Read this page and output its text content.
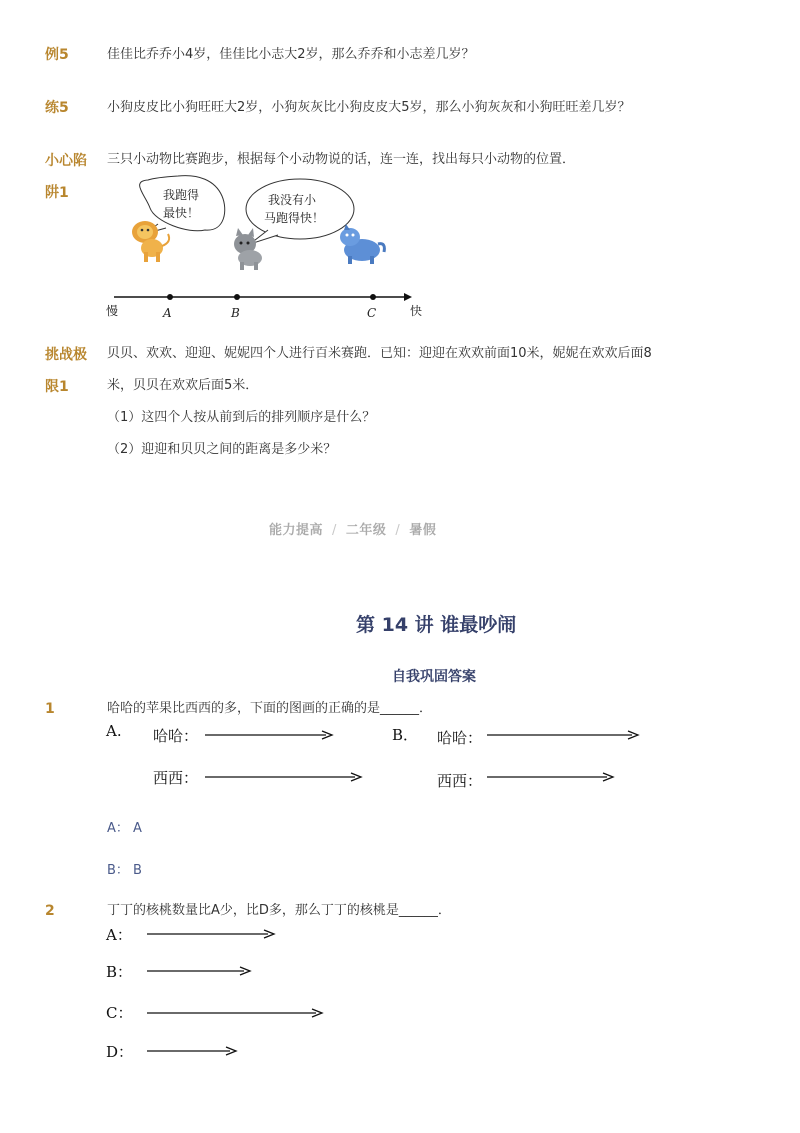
例5	佳佳比乔乔小4岁，佳佳比小志大2岁，那么乔乔和小志差几岁？
练5	小狗皮皮比小狗旺旺大2岁，小狗灰灰比小狗皮皮大5岁，那么小狗灰灰和小狗旺旺差几岁？
小心陷
阱1
三只小动物比赛跑步，根据每个小动物说的话，连一连，找出每只小动物的位置．
我跑得
最快！
我没有小
马跑得快！
慢	快
A	B	C
挑战极
限1
贝贝、欢欢、迎迎、妮妮四个人进行百米赛跑．已知：迎迎在欢欢前面10米，妮妮在欢欢后面8
米，贝贝在欢欢后面5米．
（1）这四个人按从前到后的排列顺序是什么？
（2）迎迎和贝贝之间的距离是多少米？
能力提高 / 二年级 / 暑假
第 14 讲 谁最吵闹
自我巩固答案
1	哈哈的苹果比西西的多，下面的图画的正确的是______．
A. 哈哈：
西西：
B． 哈哈：
西西：
A： A
B： B
2	丁丁的核桃数量比A少，比D多，那么丁丁的核桃是______．
A：
B：
C：
D：
